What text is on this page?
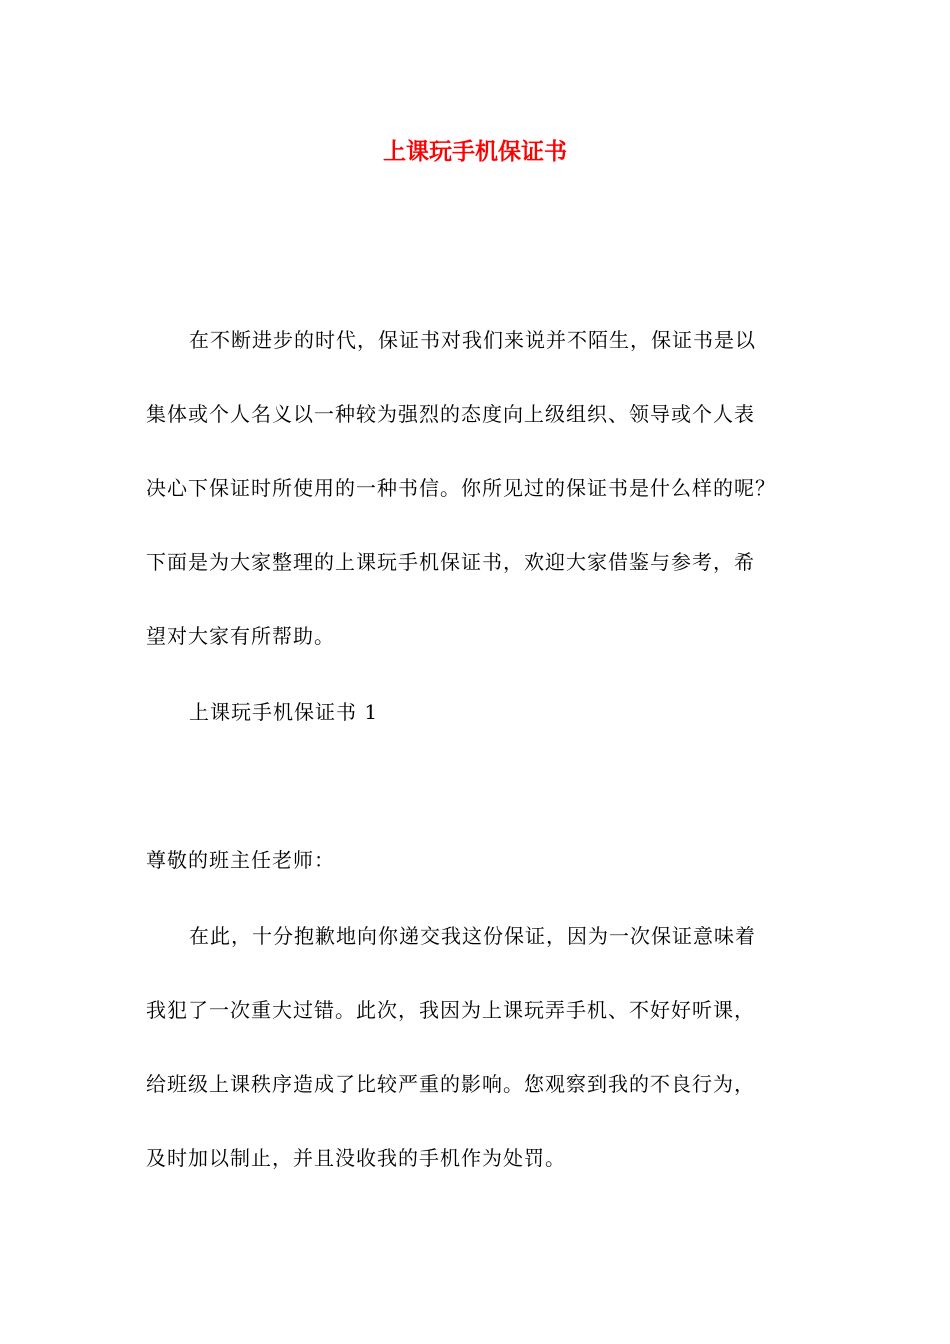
上课玩手机保证书
在不断进步的时代，保证书对我们来说并不陌生，保证书是以
集体或个人名义以一种较为强烈的态度向上级组织、领导或个人表
决心下保证时所使用的一种书信。你所见过的保证书是什么样的呢？
下面是为大家整理的上课玩手机保证书，欢迎大家借鉴与参考，希
望对大家有所帮助。
上课玩手机保证书 1
尊敬的班主任老师：
在此，十分抱歉地向你递交我这份保证，因为一次保证意味着
我犯了一次重大过错。此次，我因为上课玩弄手机、不好好听课，
给班级上课秩序造成了比较严重的影响。您观察到我的不良行为，
及时加以制止，并且没收我的手机作为处罚。
